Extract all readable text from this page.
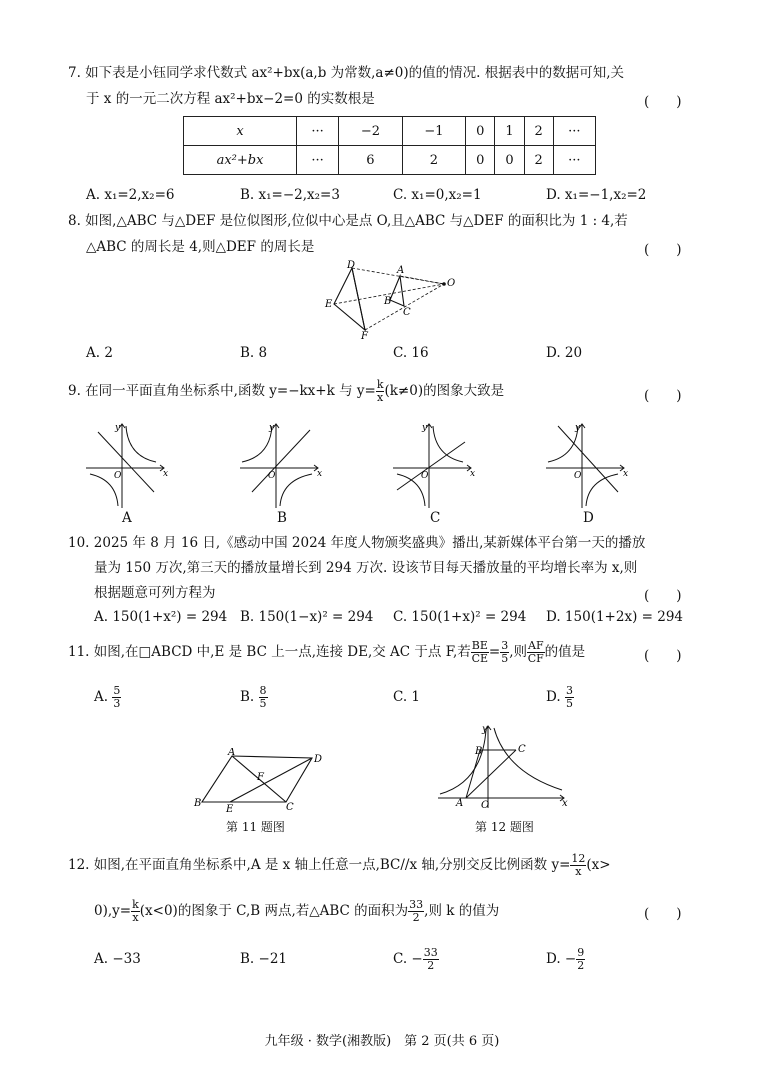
7. 如下表是小钰同学求代数式 ax²+bx(a,b 为常数,a≠0)的值的情况. 根据表中的数据可知,关
于 x 的一元二次方程 ax²+bx−2=0 的实数根是	(　　)
x	···	−2	−1	0	1	2	···
ax²+bx	···	6	2	0	0	2	···
A. x₁=2,x₂=6	B. x₁=−2,x₂=3	C. x₁=0,x₂=1	D. x₁=−1,x₂=2
8. 如图,△ABC 与△DEF 是位似图形,位似中心是点 O,且△ABC 与△DEF 的面积比为 1 : 4,若
△ABC 的周长是 4,则△DEF 的周长是	(　　)
D	A
O
E	B
C
F
A. 2	B. 8	C. 16	D. 20
9. 在同一平面直角坐标系中,函数 y=−kx+k 与 $y= \frac{k}{x} (k\ne 0)$的图象大致是	(　　)
x
y
O	x
y
O	x
y
O	x
y
O
A	B	C	D
10. 2025 年 8 月 16 日,《感动中国 2024 年度人物颁奖盛典》播出,某新媒体平台第一天的播放
量为 150 万次,第三天的播放量增长到 294 万次. 设该节目每天播放量的平均增长率为 x,则
根据题意可列方程为	(　　)
A. 150(1+x²) = 294 B. 150(1−x)² = 294 C. 150(1+x)² = 294 D. 150(1+2x) = 294
11. 如图,在□ABCD 中,E 是 BC 上一点,连接 DE,交 AC 于点 F,若 $\frac{BE}{CE} = \frac{3}{5}$ ,则 $\frac{AF}{CF}$ 的值是	(　　)
A. $\frac{5}{3}$	B. $\frac{8}{5}$	C. 1	D. $\frac{3}{5}$
A
D
F
B
E	C
第 11 题图
y
B	C
A O	x
第 12 题图
12. 如图,在平面直角坐标系中,A 是 x 轴上任意一点,BC//x 轴,分别交反比例函数 $y= \frac{12}{x} (x>$
$0),y= \frac{k}{x} (x<0)$的图象于 C,B 两点,若△ABC 的面积为 $\frac{33}{2}$ ,则 k 的值为	(　　)
A. −33	B. −21	C. − $\frac{33}{2}$	D. − $\frac{9}{2}$
九年级 · 数学(湘教版)　第 2 页(共 6 页)
